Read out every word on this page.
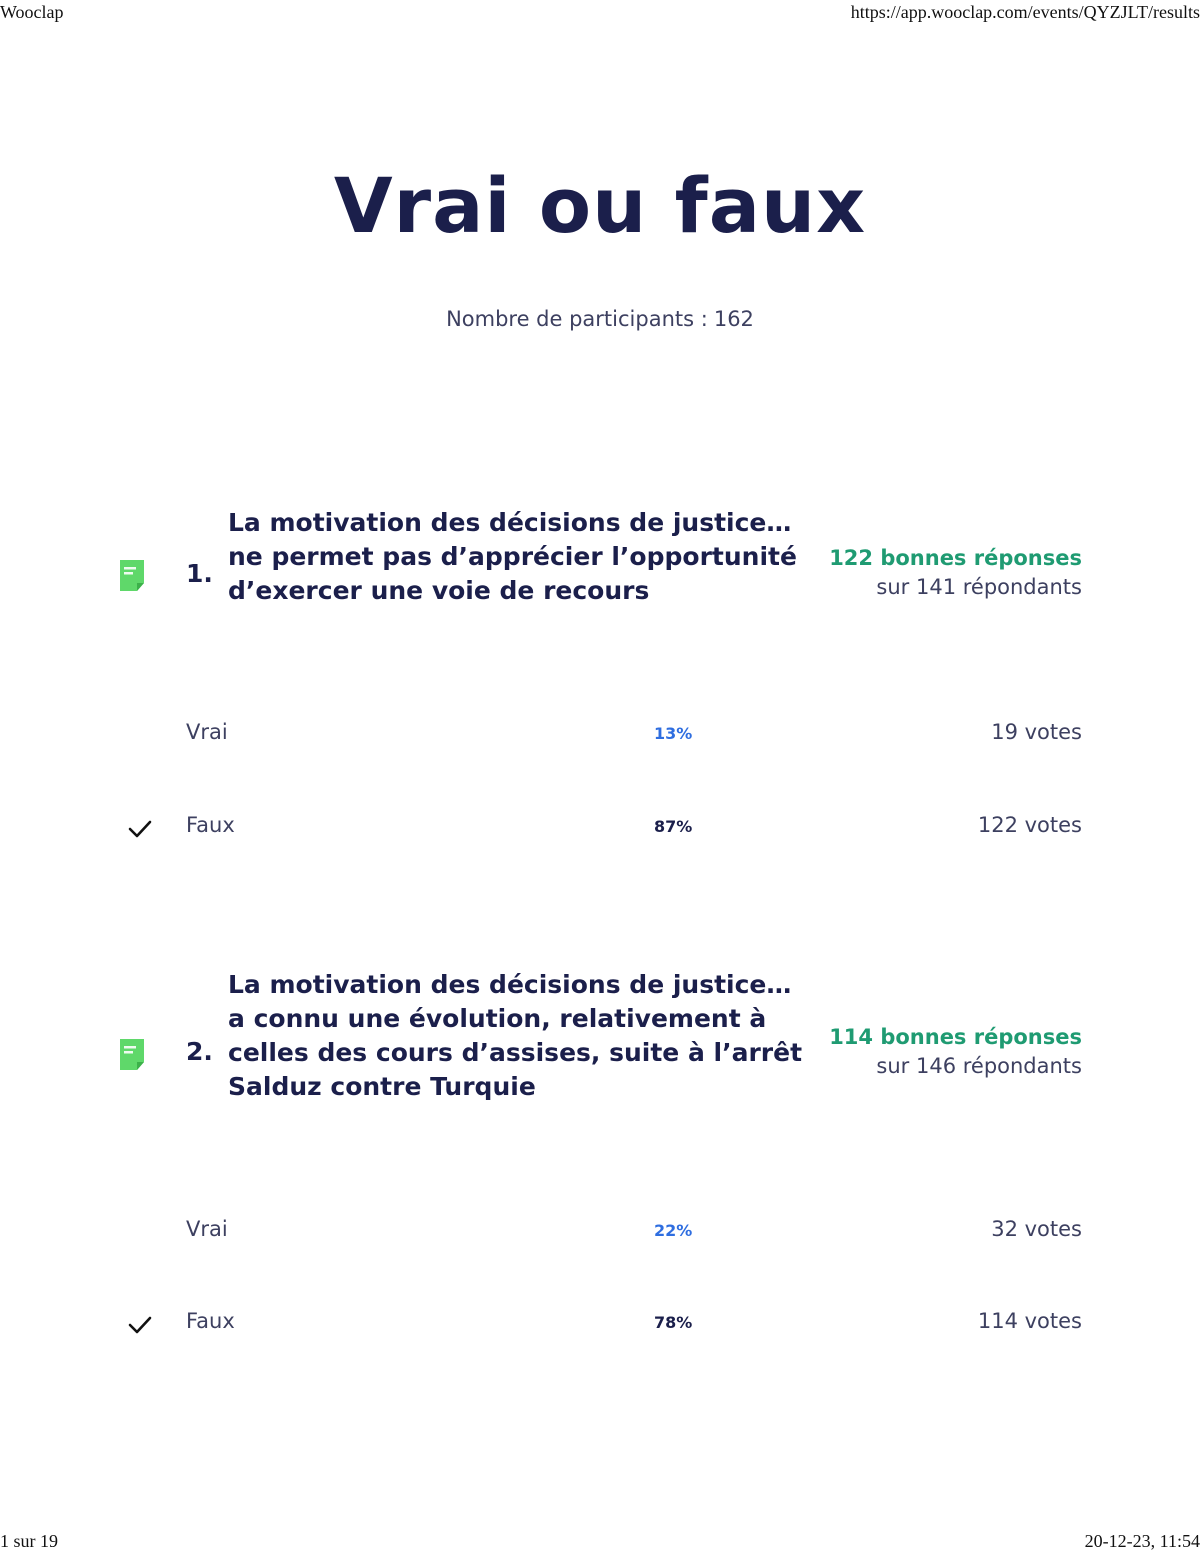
Wooclap	https://app.wooclap.com/events/QYZJLT/results
Vrai ou faux
Nombre de participants : 162
1.
La motivation des décisions de justice… ne permet pas d’apprécier l’opportunité d’exercer une voie de recours
122 bonnes réponses
sur 141 répondants
Vrai	13%	19 votes
Faux	87%	122 votes
2.
La motivation des décisions de justice… a connu une évolution, relativement à celles des cours d’assises, suite à l’arrêt Salduz contre Turquie
114 bonnes réponses
sur 146 répondants
Vrai	22%	32 votes
Faux	78%	114 votes
1 sur 19	20-12-23, 11:54
